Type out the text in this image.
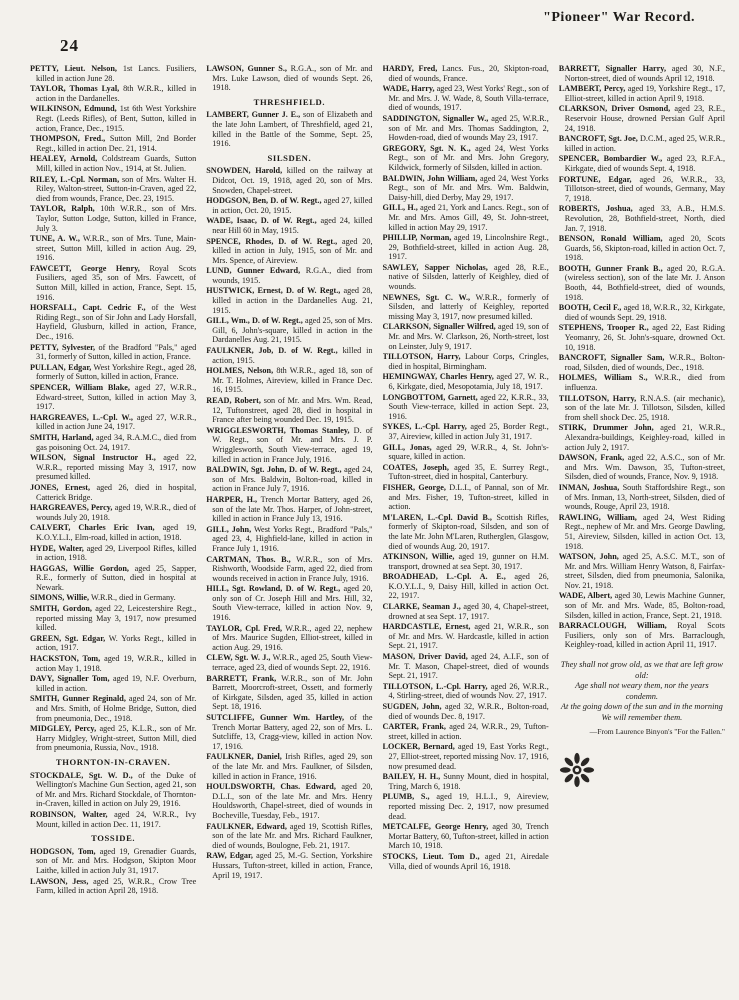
24
"Pioneer" War Record.
PETTY, Lieut. Nelson, 1st Lancs. Fusiliers, killed in action June 28.
TAYLOR, Thomas Lyal, 8th W.R.R., killed in action in the Dardanelles.
WILKINSON, Edmund, 1st 6th West Yorkshire Regt. (Leeds Rifles), of Bent, Sutton, killed in action, France, Dec., 1915.
THOMPSON, Fred., Sutton Mill, 2nd Border Regt., killed in action Dec. 21, 1914.
HEALEY, Arnold, Coldstream Guards, Sutton Mill, killed in action Nov., 1914, at St. Julien.
RILEY, L.-Cpl. Norman, son of Mrs. Walter H. Riley, Walton-street, Sutton-in-Craven, aged 22, died from wounds, France, Dec. 23, 1915.
TAYLOR, Ralph, 10th W.R.R., son of Mrs. Taylor, Sutton Lodge, Sutton, killed in France, July 3.
TUNE, A. W., W.R.R., son of Mrs. Tune, Main-street, Sutton Mill, killed in action Aug. 29, 1916.
FAWCETT, George Henry, Royal Scots Fusiliers, aged 35, son of Mrs. Fawcett, of Sutton Mill, killed in action, France, Sept. 15, 1916.
HORSFALL, Capt. Cedric F., of the West Riding Regt., son of Sir John and Lady Horsfall, Hayfield, Glusburn, killed in action, France, Dec., 1916.
PETTY, Sylvester, of the Bradford "Pals," aged 31, formerly of Sutton, killed in action, France.
PULLAN, Edgar, West Yorkshire Regt., aged 28, formerly of Sutton, killed in action, France.
SPENCER, William Blake, aged 27, W.R.R., Edward-street, Sutton, killed in action May 3, 1917.
HARGREAVES, L.-Cpl. W., aged 27, W.R.R., killed in action June 24, 1917.
SMITH, Harland, aged 34, R.A.M.C., died from gas poisoning Oct. 24, 1917.
WILSON, Signal Instructor H., aged 22, W.R.R., reported missing May 3, 1917, now presumed killed.
JONES, Ernest, aged 26, died in hospital, Catterick Bridge.
HARGREAVES, Percy, aged 19, W.R.R., died of wounds July 20, 1918.
CALVERT, Charles Eric Ivan, aged 19, K.O.Y.L.I., Elm-road, killed in action, 1918.
HYDE, Walter, aged 29, Liverpool Rifles, killed in action, 1918.
HAGGAS, Willie Gordon, aged 25, Sapper, R.E., formerly of Sutton, died in hospital at Newark.
SIMONS, Willie, W.R.R., died in Germany.
SMITH, Gordon, aged 22, Leicestershire Regt., reported missing May 3, 1917, now presumed killed.
GREEN, Sgt. Edgar, W. Yorks Regt., killed in action, 1917.
HACKSTON, Tom, aged 19, W.R.R., killed in action May 1, 1918.
DAVY, Signaller Tom, aged 19, N.F. Overburn, killed in action.
SMITH, Gunner Reginald, aged 24, son of Mr. and Mrs. Smith, of Holme Bridge, Sutton, died from pneumonia, Dec., 1918.
MIDGLEY, Percy, aged 25, K.L.R., son of Mr. Harry Midgley, Wright-street, Sutton Mill, died from pneumonia, Russia, Nov., 1918.
THORNTON-IN-CRAVEN.
STOCKDALE, Sgt. W. D., of the Duke of Wellington's Machine Gun Section, aged 21, son of Mr. and Mrs. Richard Stockdale, of Thornton-in-Craven, killed in action on July 29, 1916.
ROBINSON, Walter, aged 24, W.R.R., Ivy Mount, killed in action Dec. 11, 1917.
TOSSIDE.
HODGSON, Tom, aged 19, Grenadier Guards, son of Mr. and Mrs. Hodgson, Skipton Moor Laithe, killed in action July 31, 1917.
LAWSON, Jess, aged 25, W.R.R., Crow Tree Farm, killed in action April 28, 1918.
LAWSON, Gunner S., R.G.A., son of Mr. and Mrs. Luke Lawson, died of wounds Sept. 26, 1918.
THRESHFIELD.
LAMBERT, Gunner J. E., son of Elizabeth and the late John Lambert, of Threshfield, aged 21, killed in the Battle of the Somme, Sept. 25, 1916.
SILSDEN.
SNOWDEN, Harold, killed on the railway at Didcot, Oct. 19, 1918, aged 20, son of Mrs. Snowden, Chapel-street.
HODGSON, Ben, D. of W. Regt., aged 27, killed in action, Oct. 20, 1915.
WADE, Isaac, D. of W. Regt., aged 24, killed near Hill 60 in May, 1915.
SPENCE, Rhodes, D. of W. Regt., aged 20, killed in action in July, 1915, son of Mr. and Mrs. Spence, of Aireview.
LUND, Gunner Edward, R.G.A., died from wounds, 1915.
HUSTWICK, Ernest, D. of W. Regt., aged 28, killed in action in the Dardanelles Aug. 21, 1915.
GILL, Wm., D. of W. Regt., aged 25, son of Mrs. Gill, 6, John's-square, killed in action in the Dardanelles Aug. 21, 1915.
FAULKNER, Job, D. of W. Regt., killed in action, 1915.
HOLMES, Nelson, 8th W.R.R., aged 18, son of Mr. T. Holmes, Aireview, killed in France Dec. 16, 1915.
READ, Robert, son of Mr. and Mrs. Wm. Read, 12, Tuftonstreet, aged 28, died in hospital in France after being wounded Dec. 19, 1915.
WRIGGLESWORTH, Thomas Stanley, D. of W. Regt., son of Mr. and Mrs. J. P. Wrigglesworth, South View-terrace, aged 19, killed in action in France July, 1916.
BALDWIN, Sgt. John, D. of W. Regt., aged 24, son of Mrs. Baldwin, Bolton-road, killed in action in France July 7, 1916.
HARPER, H., Trench Mortar Battery, aged 26, son of the late Mr. Thos. Harper, of John-street, killed in action in France July 13, 1916.
GILL, John, West Yorks Regt., Bradford "Pals," aged 23, 4, Highfield-lane, killed in action in France July 1, 1916.
CARTMAN, Thos. B., W.R.R., son of Mrs. Rishworth, Woodside Farm, aged 22, died from wounds received in action in France July, 1916.
HILL, Sgt. Rowland, D. of W. Regt., aged 20, only son of Cr. Joseph Hill and Mrs. Hill, 32, South View-terrace, killed in action Nov. 9, 1916.
TAYLOR, Cpl. Fred, W.R.R., aged 22, nephew of Mrs. Maurice Sugden, Elliot-street, killed in action Aug. 29, 1916.
CLEW, Sgt. W. J., W.R.R., aged 25, South View-terrace, aged 23, died of wounds Sept. 22, 1916.
BARRETT, Frank, W.R.R., son of Mr. John Barrett, Moorcroft-street, Ossett, and formerly of Kirkgate, Silsden, aged 35, killed in action Sept. 18, 1916.
SUTCLIFFE, Gunner Wm. Hartley, of the Trench Mortar Battery, aged 22, son of Mrs. L. Sutcliffe, 13, Cragg-view, killed in action Nov. 17, 1916.
FAULKNER, Daniel, Irish Rifles, aged 29, son of the late Mr. and Mrs. Faulkner, of Silsden, killed in action in France, 1916.
HOULDSWORTH, Chas. Edward, aged 20, D.L.I., son of the late Mr. and Mrs. Henry Houldsworth, Chapel-street, died of wounds in Bocheville, Tuesday, Feb., 1917.
FAULKNER, Edward, aged 19, Scottish Rifles, son of the late Mr. and Mrs. Richard Faulkner, died of wounds, Boulogne, Feb. 21, 1917.
RAW, Edgar, aged 25, M.-G. Section, Yorkshire Hussars, Tufton-street, killed in action, France, April 19, 1917.
HARDY, Fred, Lancs. Fus., 20, Skipton-road, died of wounds, France.
WADE, Harry, aged 23, West Yorks' Regt., son of Mr. and Mrs. J. W. Wade, 8, South Villa-terrace, died of wounds, 1917.
SADDINGTON, Signaller W., aged 25, W.R.R., son of Mr. and Mrs. Thomas Saddington, 2, Howden-road, died of wounds May 23, 1917.
GREGORY, Sgt. N. K., aged 24, West Yorks Regt., son of Mr. and Mrs. John Gregory, Kildwick, formerly of Silsden, killed in action.
BALDWIN, John William, aged 24, West Yorks Regt., son of Mr. and Mrs. Wm. Baldwin, Daisy-hill, died Derby, May 29, 1917.
GILL, H., aged 21, York and Lancs. Regt., son of Mr. and Mrs. Amos Gill, 49, St. John-street, killed in action May 29, 1917.
PHILLIP, Norman, aged 19, Lincolnshire Regt., 29, Bothfield-street, killed in action Aug. 28, 1917.
SAWLEY, Sapper Nicholas, aged 28, R.E., native of Silsden, latterly of Keighley, died of wounds.
NEWNES, Sgt. C. W., W.R.R., formerly of Silsden, and latterly of Keighley, reported missing May 3, 1917, now presumed killed.
CLARKSON, Signaller Wilfred, aged 19, son of Mr. and Mrs. W. Clarkson, 26, North-street, lost on Leinster, July 9, 1917.
TILLOTSON, Harry, Labour Corps, Cringles, died in hospital, Birmingham.
HEMINGWAY, Charles Henry, aged 27, W. R., 6, Kirkgate, died, Mesopotamia, July 18, 1917.
LONGBOTTOM, Garnett, aged 22, K.R.R., 33, South View-terrace, killed in action Sept. 23, 1916.
SYKES, L.-Cpl. Harry, aged 25, Border Regt., 37, Aireview, killed in action July 31, 1917.
GILL, Jonas, aged 29, W.R.R., 4, St. John's-square, killed in action.
COATES, Joseph, aged 35, E. Surrey Regt., Tufton-street, died in hospital, Canterbury.
FISHER, George, D.L.I., of Pannal, son of Mr. and Mrs. Fisher, 19, Tufton-street, killed in action.
M'LAREN, L.-Cpl. David B., Scottish Rifles, formerly of Skipton-road, Silsden, and son of the late Mr. John M'Laren, Rutherglen, Glasgow, died of wounds Aug. 20, 1917.
ATKINSON, Willie, aged 19, gunner on H.M. transport, drowned at sea Sept. 30, 1917.
BROADHEAD, L.-Cpl. A. E., aged 26, K.O.Y.L.I., 9, Daisy Hill, killed in action Oct. 22, 1917.
CLARKE, Seaman J., aged 30, 4, Chapel-street, drowned at sea Sept. 17, 1917.
HARDCASTLE, Ernest, aged 21, W.R.R., son of Mr. and Mrs. W. Hardcastle, killed in action Sept. 21, 1917.
MASON, Driver David, aged 24, A.I.F., son of Mr. T. Mason, Chapel-street, died of wounds Sept. 21, 1917.
TILLOTSON, L.-Cpl. Harry, aged 26, W.R.R., 4, Stirling-street, died of wounds Nov. 27, 1917.
SUGDEN, John, aged 32, W.R.R., Bolton-road, died of wounds Dec. 8, 1917.
CARTER, Frank, aged 24, W.R.R., 29, Tufton-street, killed in action.
LOCKER, Bernard, aged 19, East Yorks Regt., 27, Elliot-street, reported missing Nov. 17, 1916, now presumed dead.
BAILEY, H. H., Sunny Mount, died in hospital, Tring, March 6, 1918.
PLUMB, S., aged 19, H.L.I., 9, Aireview, reported missing Dec. 2, 1917, now presumed dead.
METCALFE, George Henry, aged 30, Trench Mortar Battery, 60, Tufton-street, killed in action March 10, 1918.
STOCKS, Lieut. Tom D., aged 21, Airedale Villa, died of wounds April 16, 1918.
BARRETT, Signaller Harry, aged 30, N.F., Norton-street, died of wounds April 12, 1918.
LAMBERT, Percy, aged 19, Yorkshire Regt., 17, Elliot-street, killed in action April 9, 1918.
CLARKSON, Driver Osmond, aged 23, R.E., Reservoir House, drowned Persian Gulf April 24, 1918.
BANCROFT, Sgt. Joe, D.C.M., aged 25, W.R.R., killed in action.
SPENCER, Bombardier W., aged 23, R.F.A., Kirkgate, died of wounds Sept. 4, 1918.
FORTUNE, Edgar, aged 26, W.R.R., 33, Tillotson-street, died of wounds, Germany, May 7, 1918.
ROBERTS, Joshua, aged 33, A.B., H.M.S. Revolution, 28, Bothfield-street, North, died Jan. 7, 1918.
BENSON, Ronald William, aged 20, Scots Guards, 56, Skipton-road, killed in action Oct. 7, 1918.
BOOTH, Gunner Frank B., aged 20, R.G.A. (wireless section), son of the late Mr. J. Anson Booth, 44, Bothfield-street, died of wounds, 1918.
BOOTH, Cecil F., aged 18, W.R.R., 32, Kirkgate, died of wounds Sept. 29, 1918.
STEPHENS, Trooper R., aged 22, East Riding Yeomanry, 26, St. John's-square, drowned Oct. 10, 1918.
BANCROFT, Signaller Sam, W.R.R., Bolton-road, Silsden, died of wounds, Dec., 1918.
HOLMES, William S., W.R.R., died from influenza.
TILLOTSON, Harry, R.N.A.S. (air mechanic), son of the late Mr. J. Tillotson, Silsden, killed from shell shock Dec. 25, 1918.
STIRK, Drummer John, aged 21, W.R.R., Alexandra-buildings, Keighley-road, killed in action July 2, 1917.
DAWSON, Frank, aged 22, A.S.C., son of Mr. and Mrs. Wm. Dawson, 35, Tufton-street, Silsden, died of wounds, France, Nov. 9, 1918.
INMAN, Joshua, South Staffordshire Regt., son of Mrs. Inman, 13, North-street, Silsden, died of wounds, Rouge, April 23, 1918.
RAWLING, William, aged 24, West Riding Regt., nephew of Mr. and Mrs. George Dawling, 51, Aireview, Silsden, killed in action Oct. 13, 1918.
WATSON, John, aged 25, A.S.C. M.T., son of Mr. and Mrs. William Henry Watson, 8, Fairfax-street, Silsden, died from pneumonia, Salonika, Nov. 21, 1918.
WADE, Albert, aged 30, Lewis Machine Gunner, son of Mr. and Mrs. Wade, 85, Bolton-road, Silsden, killed in action, France, Sept. 21, 1918.
BARRACLOUGH, William, Royal Scots Fusiliers, only son of Mrs. Barraclough, Keighley-road, killed in action April 11, 1917.
They shall not grow old, as we that are left grow old:
Age shall not weary them, nor the years condemn.
At the going down of the sun and in the morning
We will remember them.
—From Laurence Binyon's "For the Fallen."
